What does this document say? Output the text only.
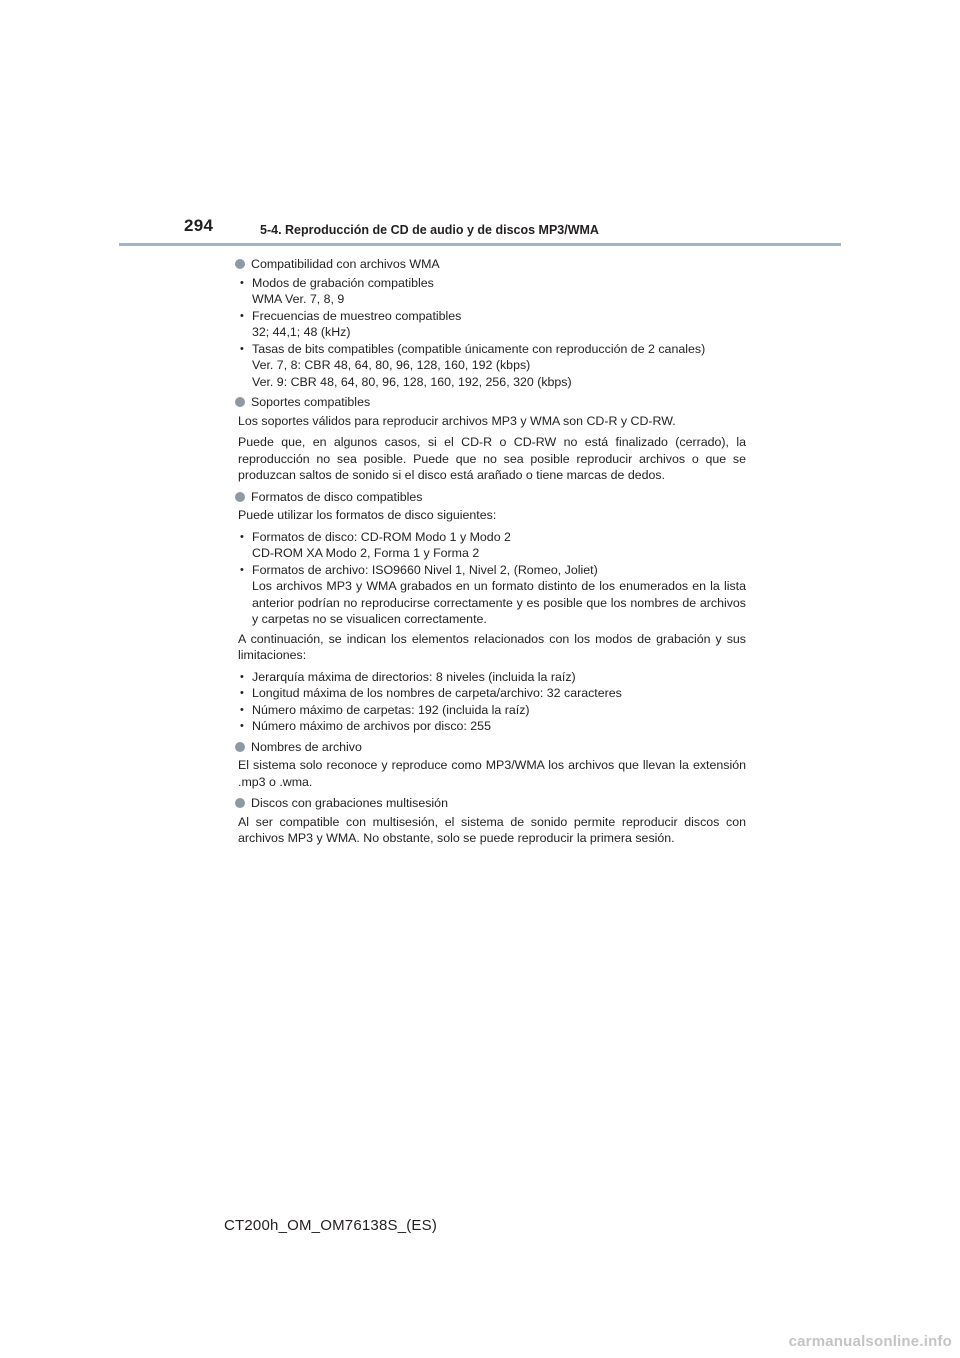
294	5-4. Reproducción de CD de audio y de discos MP3/WMA
Compatibilidad con archivos WMA
• Modos de grabación compatibles
WMA Ver. 7, 8, 9
• Frecuencias de muestreo compatibles
32; 44,1; 48 (kHz)
• Tasas de bits compatibles (compatible únicamente con reproducción de 2 canales)
Ver. 7, 8: CBR 48, 64, 80, 96, 128, 160, 192 (kbps)
Ver. 9: CBR 48, 64, 80, 96, 128, 160, 192, 256, 320 (kbps)
Soportes compatibles
Los soportes válidos para reproducir archivos MP3 y WMA son CD-R y CD-RW.
Puede que, en algunos casos, si el CD-R o CD-RW no está finalizado (cerrado), la reproducción no sea posible. Puede que no sea posible reproducir archivos o que se produzcan saltos de sonido si el disco está arañado o tiene marcas de dedos.
Formatos de disco compatibles
Puede utilizar los formatos de disco siguientes:
• Formatos de disco: CD-ROM Modo 1 y Modo 2
CD-ROM XA Modo 2, Forma 1 y Forma 2
• Formatos de archivo: ISO9660 Nivel 1, Nivel 2, (Romeo, Joliet)
Los archivos MP3 y WMA grabados en un formato distinto de los enumerados en la lista anterior podrían no reproducirse correctamente y es posible que los nombres de archivos y carpetas no se visualicen correctamente.
A continuación, se indican los elementos relacionados con los modos de grabación y sus limitaciones:
• Jerarquía máxima de directorios: 8 niveles (incluida la raíz)
• Longitud máxima de los nombres de carpeta/archivo: 32 caracteres
• Número máximo de carpetas: 192 (incluida la raíz)
• Número máximo de archivos por disco: 255
Nombres de archivo
El sistema solo reconoce y reproduce como MP3/WMA los archivos que llevan la extensión .mp3 o .wma.
Discos con grabaciones multisesión
Al ser compatible con multisesión, el sistema de sonido permite reproducir discos con archivos MP3 y WMA. No obstante, solo se puede reproducir la primera sesión.
CT200h_OM_OM76138S_(ES)
carmanualsonline.info
